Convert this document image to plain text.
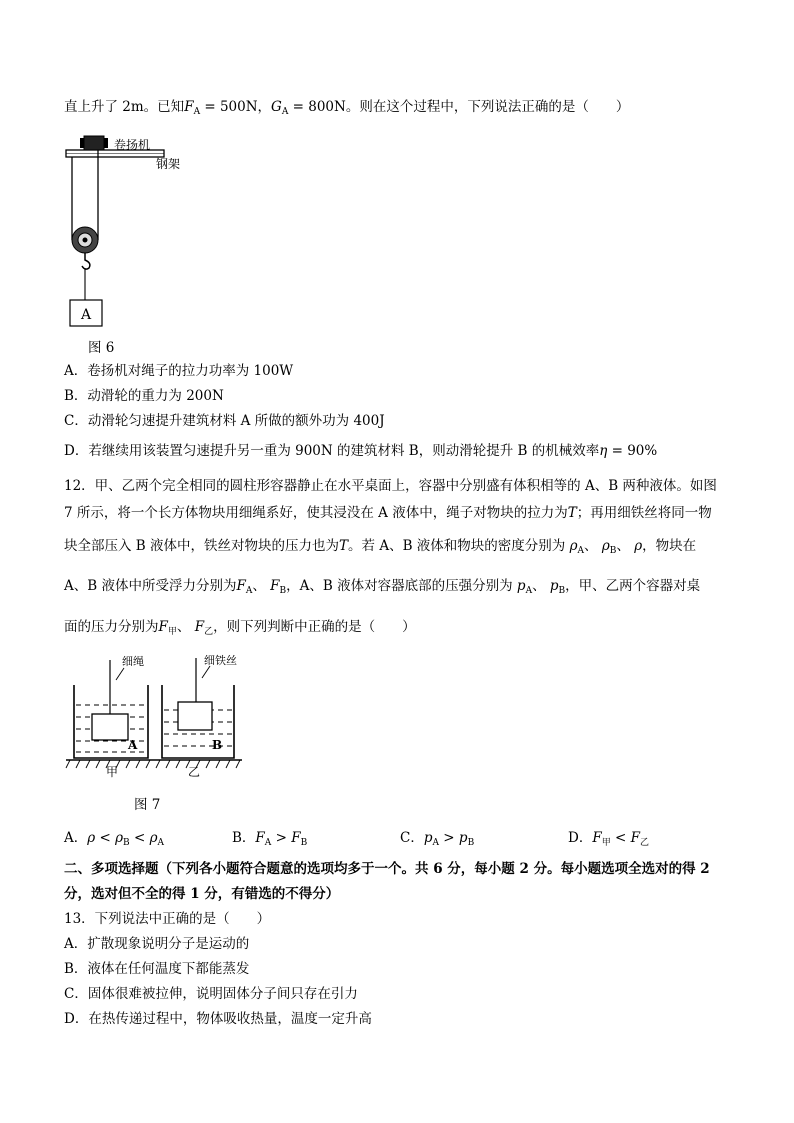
直上升了 2m。已知$F_A = 500N$，$G_A = 800N$。则在这个过程中，下列说法正确的是（　　）
A
卷扬机
钢架
图 6
A．卷扬机对绳子的拉力功率为 100W
B．动滑轮的重力为 200N
C．动滑轮匀速提升建筑材料 A 所做的额外功为 400J
D．若继续用该装置匀速提升另一重为 900N 的建筑材料 B，则动滑轮提升 B 的机械效率η = 90%
12．甲、乙两个完全相同的圆柱形容器静止在水平桌面上，容器中分别盛有体积相等的 A、B 两种液体。如图
7 所示，将一个长方体物块用细绳系好，使其浸没在 A 液体中，绳子对物块的拉力为T；再用细铁丝将同一物
块全部压入 B 液体中，铁丝对物块的压力也为T。若 A、B 液体和物块的密度分别为 $\rho_A$、 $\rho_B$、 ρ，物块在
A、B 液体中所受浮力分别为$F_A$、 $F_B$，A、B 液体对容器底部的压强分别为 $p_A$、 $p_B$，甲、乙两个容器对桌
面的压力分别为$F_甲$、 $F_乙$，则下列判断中正确的是（　　）
细绳
A
细铁丝
B
甲	乙
图 7
A．$\rho < \rho_B < \rho_A$	B．$F_A > F_B$	C．$p_A > p_B$	D．$F_甲 < F_乙$
二、多项选择题（下列各小题符合题意的选项均多于一个。共 6 分，每小题 2 分。每小题选项全选对的得 2
分，选对但不全的得 1 分，有错选的不得分）
13．下列说法中正确的是（　　）
A．扩散现象说明分子是运动的
B．液体在任何温度下都能蒸发
C．固体很难被拉伸，说明固体分子间只存在引力
D．在热传递过程中，物体吸收热量，温度一定升高
